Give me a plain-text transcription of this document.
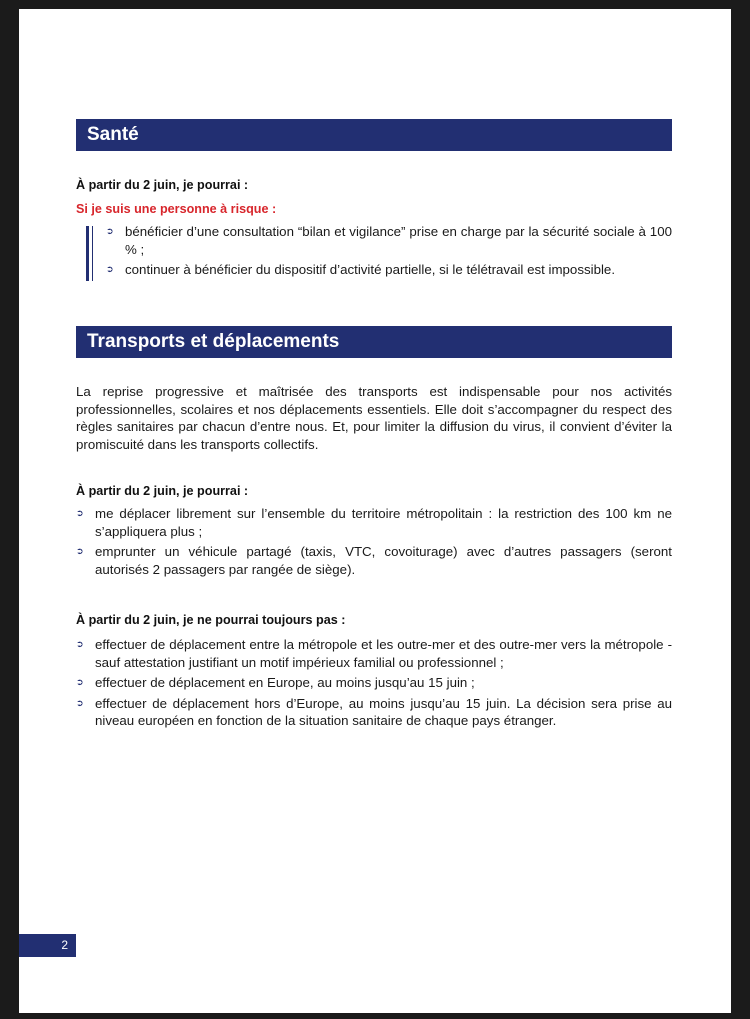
Santé
À partir du 2 juin, je pourrai :
Si je suis une personne à risque :
➲ bénéficier d’une consultation “bilan et vigilance” prise en charge par la sécurité sociale à 100 % ;
➲ continuer à bénéficier du dispositif d’activité partielle, si le télétravail est impossible.
Transports et déplacements
La reprise progressive et maîtrisée des transports est indispensable pour nos activités professionnelles, scolaires et nos déplacements essentiels. Elle doit s’accompagner du respect des règles sanitaires par chacun d’entre nous. Et, pour limiter la diffusion du virus, il convient d’éviter la promiscuité dans les transports collectifs.
À partir du 2 juin, je pourrai :
➲ me déplacer librement sur l’ensemble du territoire métropolitain : la restriction des 100 km ne s’appliquera plus ;
➲ emprunter un véhicule partagé (taxis, VTC, covoiturage) avec d’autres passagers (seront autorisés 2 passagers par rangée de siège).
À partir du 2 juin, je ne pourrai toujours pas :
➲ effectuer de déplacement entre la métropole et les outre-mer et des outre-mer vers la métropole - sauf attestation justifiant un motif impérieux familial ou professionnel ;
➲ effectuer de déplacement en Europe, au moins jusqu’au 15 juin ;
➲ effectuer de déplacement hors d’Europe, au moins jusqu’au 15 juin. La décision sera prise au niveau européen en fonction de la situation sanitaire de chaque pays étranger.
2
